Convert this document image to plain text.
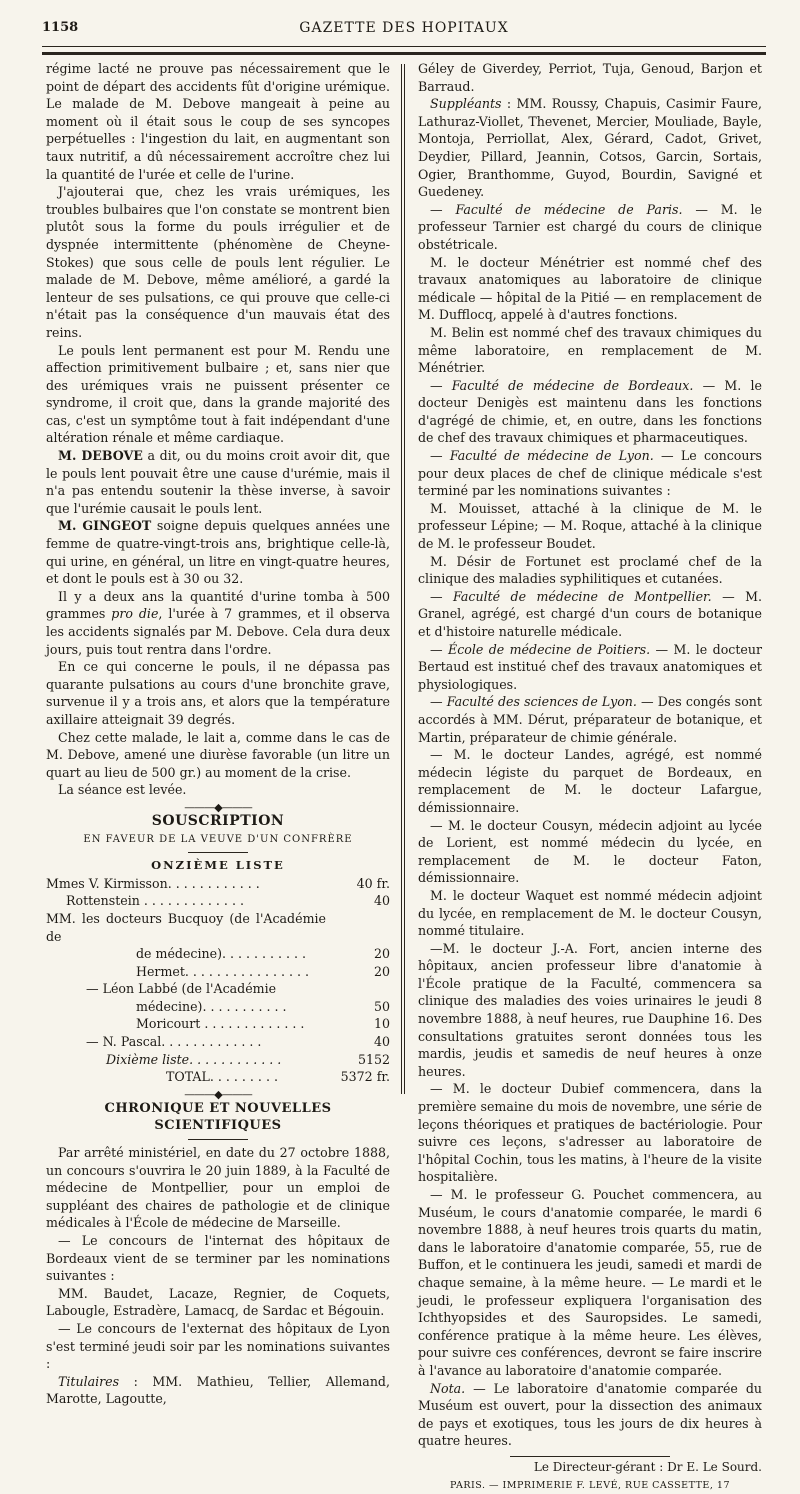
1158	GAZETTE DES HOPITAUX

régime lacté ne prouve pas nécessairement que le point de départ des accidents fût d'origine urémique. Le malade de M. Debove mangeait à peine au moment où il était sous le coup de ses syncopes perpétuelles : l'ingestion du lait, en augmentant son taux nutritif, a dû nécessairement accroître chez lui la quantité de l'urée et celle de l'urine.

J'ajouterai que, chez les vrais urémiques, les troubles bulbaires que l'on constate se montrent bien plutôt sous la forme du pouls irrégulier et de dyspnée intermittente (phénomène de Cheyne-Stokes) que sous celle de pouls lent régulier. Le malade de M. Debove, même amélioré, a gardé la lenteur de ses pulsations, ce qui prouve que celle-ci n'était pas la conséquence d'un mauvais état des reins.

Le pouls lent permanent est pour M. Rendu une affection primitivement bulbaire ; et, sans nier que des urémiques vrais ne puissent présenter ce syndrome, il croit que, dans la grande majorité des cas, c'est un symptôme tout à fait indépendant d'une altération rénale et même cardiaque.

M. DEBOVE a dit, ou du moins croit avoir dit, que le pouls lent pouvait être une cause d'urémie, mais il n'a pas entendu soutenir la thèse inverse, à savoir que l'urémie causait le pouls lent.

M. GINGEOT soigne depuis quelques années une femme de quatre-vingt-trois ans, brightique celle-là, qui urine, en général, un litre en vingt-quatre heures, et dont le pouls est à 30 ou 32.

Il y a deux ans la quantité d'urine tomba à 500 grammes pro die, l'urée à 7 grammes, et il observa les accidents signalés par M. Debove. Cela dura deux jours, puis tout rentra dans l'ordre.

En ce qui concerne le pouls, il ne dépassa pas quarante pulsations au cours d'une bronchite grave, survenue il y a trois ans, et alors que la température axillaire atteignait 39 degrés.

Chez cette malade, le lait a, comme dans le cas de M. Debove, amené une diurèse favorable (un litre un quart au lieu de 500 gr.) au moment de la crise.

La séance est levée.

———◆———
SOUSCRIPTION
EN FAVEUR DE LA VEUVE D'UN CONFRÈRE
ONZIÈME LISTE
Mmes V. Kirmisson. . . . . . . . . . . .	40 fr.
Rottenstein . . . . . . . . . . . . .	40
MM. les docteurs Bucquoy (de l'Académie de	
de médecine). . . . . . . . . . .	20
Hermet. . . . . . . . . . . . . . . .	20
— Léon Labbé (de l'Académie	
médecine). . . . . . . . . . .	50
Moricourt . . . . . . . . . . . . .	10
— N. Pascal. . . . . . . . . . . . .	40
Dixième liste. . . . . . . . . . . .	5152
TOTAL. . . . . . . . .	5372 fr.
———◆———
CHRONIQUE ET NOUVELLES SCIENTIFIQUES

Par arrêté ministériel, en date du 27 octobre 1888, un concours s'ouvrira le 20 juin 1889, à la Faculté de médecine de Montpellier, pour un emploi de suppléant des chaires de pathologie et de clinique médicales à l'École de médecine de Marseille.

— Le concours de l'internat des hôpitaux de Bordeaux vient de se terminer par les nominations suivantes :

MM. Baudet, Lacaze, Regnier, de Coquets, Labougle, Estradère, Lamacq, de Sardac et Bégouin.

— Le concours de l'externat des hôpitaux de Lyon s'est terminé jeudi soir par les nominations suivantes :

Titulaires : MM. Mathieu, Tellier, Allemand, Marotte, Lagoutte,

Géley de Giverdey, Perriot, Tuja, Genoud, Barjon et Barraud.

Suppléants : MM. Roussy, Chapuis, Casimir Faure, Lathuraz-Viollet, Thevenet, Mercier, Mouliade, Bayle, Montoja, Perriollat, Alex, Gérard, Cadot, Grivet, Deydier, Pillard, Jeannin, Cotsos, Garcin, Sortais, Ogier, Branthomme, Guyod, Bourdin, Savigné et Guedeney.

— Faculté de médecine de Paris. — M. le professeur Tarnier est chargé du cours de clinique obstétricale.

M. le docteur Ménétrier est nommé chef des travaux anatomiques au laboratoire de clinique médicale — hôpital de la Pitié — en remplacement de M. Dufflocq, appelé à d'autres fonctions.

M. Belin est nommé chef des travaux chimiques du même laboratoire, en remplacement de M. Ménétrier.

— Faculté de médecine de Bordeaux. — M. le docteur Denigès est maintenu dans les fonctions d'agrégé de chimie, et, en outre, dans les fonctions de chef des travaux chimiques et pharmaceutiques.

— Faculté de médecine de Lyon. — Le concours pour deux places de chef de clinique médicale s'est terminé par les nominations suivantes :

M. Mouisset, attaché à la clinique de M. le professeur Lépine; — M. Roque, attaché à la clinique de M. le professeur Boudet.

M. Désir de Fortunet est proclamé chef de la clinique des maladies syphilitiques et cutanées.

— Faculté de médecine de Montpellier. — M. Granel, agrégé, est chargé d'un cours de botanique et d'histoire naturelle médicale.

— École de médecine de Poitiers. — M. le docteur Bertaud est institué chef des travaux anatomiques et physiologiques.

— Faculté des sciences de Lyon. — Des congés sont accordés à MM. Dérut, préparateur de botanique, et Martin, préparateur de chimie générale.

— M. le docteur Landes, agrégé, est nommé médecin légiste du parquet de Bordeaux, en remplacement de M. le docteur Lafargue, démissionnaire.

— M. le docteur Cousyn, médecin adjoint au lycée de Lorient, est nommé médecin du lycée, en remplacement de M. le docteur Faton, démissionnaire.

M. le docteur Waquet est nommé médecin adjoint du lycée, en remplacement de M. le docteur Cousyn, nommé titulaire.

—M. le docteur J.-A. Fort, ancien interne des hôpitaux, ancien professeur libre d'anatomie à l'École pratique de la Faculté, commencera sa clinique des maladies des voies urinaires le jeudi 8 novembre 1888, à neuf heures, rue Dauphine 16. Des consultations gratuites seront données tous les mardis, jeudis et samedis de neuf heures à onze heures.

— M. le docteur Dubief commencera, dans la première semaine du mois de novembre, une série de leçons théoriques et pratiques de bactériologie. Pour suivre ces leçons, s'adresser au laboratoire de l'hôpital Cochin, tous les matins, à l'heure de la visite hospitalière.

— M. le professeur G. Pouchet commencera, au Muséum, le cours d'anatomie comparée, le mardi 6 novembre 1888, à neuf heures trois quarts du matin, dans le laboratoire d'anatomie comparée, 55, rue de Buffon, et le continuera les jeudi, samedi et mardi de chaque semaine, à la même heure. — Le mardi et le jeudi, le professeur expliquera l'organisation des Ichthyopsides et des Sauropsides. Le samedi, conférence pratique à la même heure. Les élèves, pour suivre ces conférences, devront se faire inscrire à l'avance au laboratoire d'anatomie comparée.

Nota. — Le laboratoire d'anatomie comparée du Muséum est ouvert, pour la dissection des animaux de pays et exotiques, tous les jours de dix heures à quatre heures.

Le Directeur-gérant : Dr E. Le Sourd.
PARIS. — IMPRIMERIE F. LEVÉ, RUE CASSETTE, 17
